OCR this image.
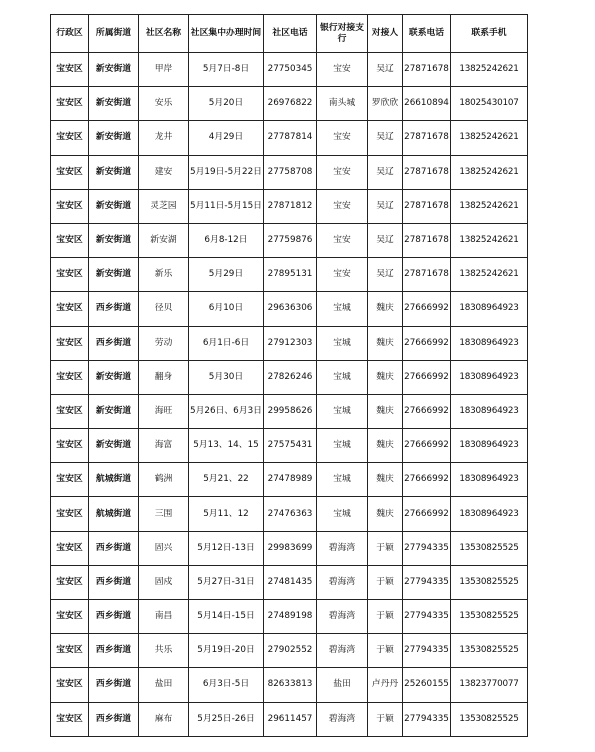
行政区	所属街道	社区名称	社区集中办理时间	社区电话	银行对接支行	对接人	联系电话	联系手机
宝安区	新安街道	甲岸	5月7日-8日	27750345	宝安	吴辽	27871678	13825242621
宝安区	新安街道	安乐	5月20日	26976822	南头城	罗欣欣	26610894	18025430107
宝安区	新安街道	龙井	4月29日	27787814	宝安	吴辽	27871678	13825242621
宝安区	新安街道	建安	5月19日-5月22日	27758708	宝安	吴辽	27871678	13825242621
宝安区	新安街道	灵芝园	5月11日-5月15日	27871812	宝安	吴辽	27871678	13825242621
宝安区	新安街道	新安湖	6月8-12日	27759876	宝安	吴辽	27871678	13825242621
宝安区	新安街道	新乐	5月29日	27895131	宝安	吴辽	27871678	13825242621
宝安区	西乡街道	径贝	6月10日	29636306	宝城	魏庆	27666992	18308964923
宝安区	西乡街道	劳动	6月1日-6日	27912303	宝城	魏庆	27666992	18308964923
宝安区	新安街道	翻身	5月30日	27826246	宝城	魏庆	27666992	18308964923
宝安区	新安街道	海旺	5月26日、6月3日	29958626	宝城	魏庆	27666992	18308964923
宝安区	新安街道	海富	5月13、14、15	27575431	宝城	魏庆	27666992	18308964923
宝安区	航城街道	鹤洲	5月21、22	27478989	宝城	魏庆	27666992	18308964923
宝安区	航城街道	三围	5月11、12	27476363	宝城	魏庆	27666992	18308964923
宝安区	西乡街道	固兴	5月12日-13日	29983699	碧海湾	于颖	27794335	13530825525
宝安区	西乡街道	固戍	5月27日-31日	27481435	碧海湾	于颖	27794335	13530825525
宝安区	西乡街道	南昌	5月14日-15日	27489198	碧海湾	于颖	27794335	13530825525
宝安区	西乡街道	共乐	5月19日-20日	27902552	碧海湾	于颖	27794335	13530825525
宝安区	西乡街道	盐田	6月3日-5日	82633813	盐田	卢丹丹	25260155	13823770077
宝安区	西乡街道	麻布	5月25日-26日	29611457	碧海湾	于颖	27794335	13530825525
